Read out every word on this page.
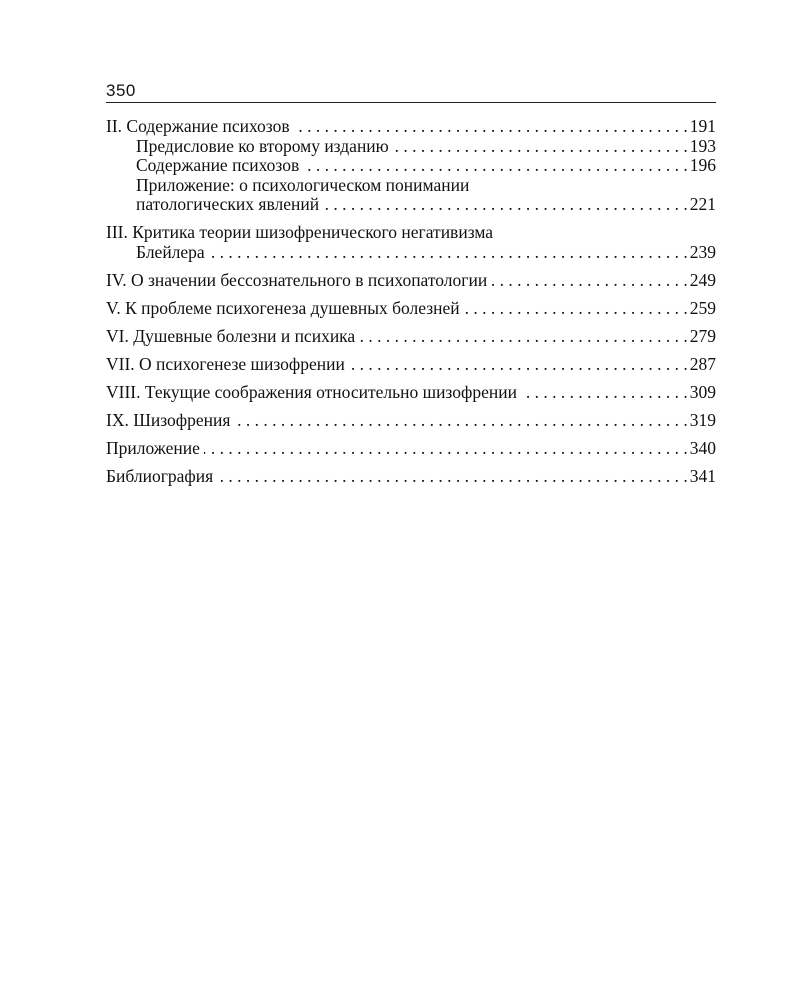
350
II. Содержание психозов . . .	191
Предисловие ко второму изданию . . .	193
Содержание психозов . . .	196
Приложение: о психологическом понимании
патологических явлений . . .	221
III. Критика теории шизофренического негативизма
Блейлера . . .	239
IV. О значении бессознательного в психопатологии . . .	249
V. К проблеме психогенеза душевных болезней . . .	259
VI. Душевные болезни и психика . . .	279
VII. О психогенезе шизофрении . . .	287
VIII. Текущие соображения относительно шизофрении . . .	309
IX. Шизофрения . . .	319
Приложение . . .	340
Библиография . . .	341
